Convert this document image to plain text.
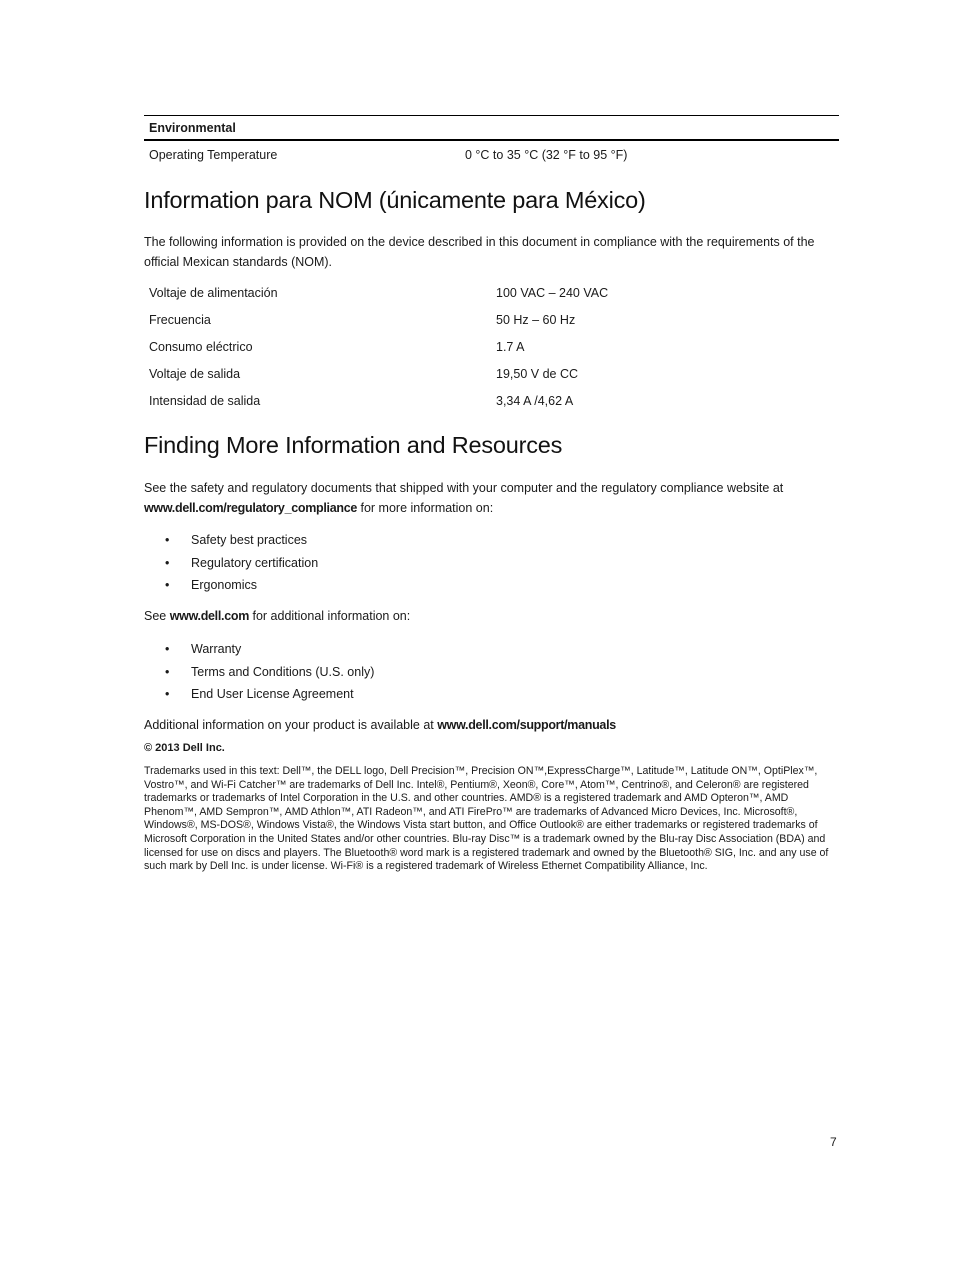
Environmental
Operating Temperature	0 °C to 35 °C (32 °F to 95 °F)
Information para NOM (únicamente para México)
The following information is provided on the device described in this document in compliance with the requirements of the official Mexican standards (NOM).
Voltaje de alimentación	100 VAC – 240 VAC
Frecuencia	50 Hz – 60 Hz
Consumo eléctrico	1.7 A
Voltaje de salida	19,50 V de CC
Intensidad de salida	3,34 A /4,62 A
Finding More Information and Resources
See the safety and regulatory documents that shipped with your computer and the regulatory compliance website at www.dell.com/regulatory_compliance for more information on:
• Safety best practices
• Regulatory certification
• Ergonomics
See www.dell.com for additional information on:
• Warranty
• Terms and Conditions (U.S. only)
• End User License Agreement
Additional information on your product is available at www.dell.com/support/manuals
© 2013 Dell Inc.
Trademarks used in this text: Dell™, the DELL logo, Dell Precision™, Precision ON™,ExpressCharge™, Latitude™, Latitude ON™, OptiPlex™, Vostro™, and Wi-Fi Catcher™ are trademarks of Dell Inc. Intel®, Pentium®, Xeon®, Core™, Atom™, Centrino®, and Celeron® are registered trademarks or trademarks of Intel Corporation in the U.S. and other countries. AMD® is a registered trademark and AMD Opteron™, AMD Phenom™, AMD Sempron™, AMD Athlon™, ATI Radeon™, and ATI FirePro™ are trademarks of Advanced Micro Devices, Inc. Microsoft®, Windows®, MS-DOS®, Windows Vista®, the Windows Vista start button, and Office Outlook® are either trademarks or registered trademarks of Microsoft Corporation in the United States and/or other countries. Blu-ray Disc™ is a trademark owned by the Blu-ray Disc Association (BDA) and licensed for use on discs and players. The Bluetooth® word mark is a registered trademark and owned by the Bluetooth® SIG, Inc. and any use of such mark by Dell Inc. is under license. Wi-Fi® is a registered trademark of Wireless Ethernet Compatibility Alliance, Inc.
7
